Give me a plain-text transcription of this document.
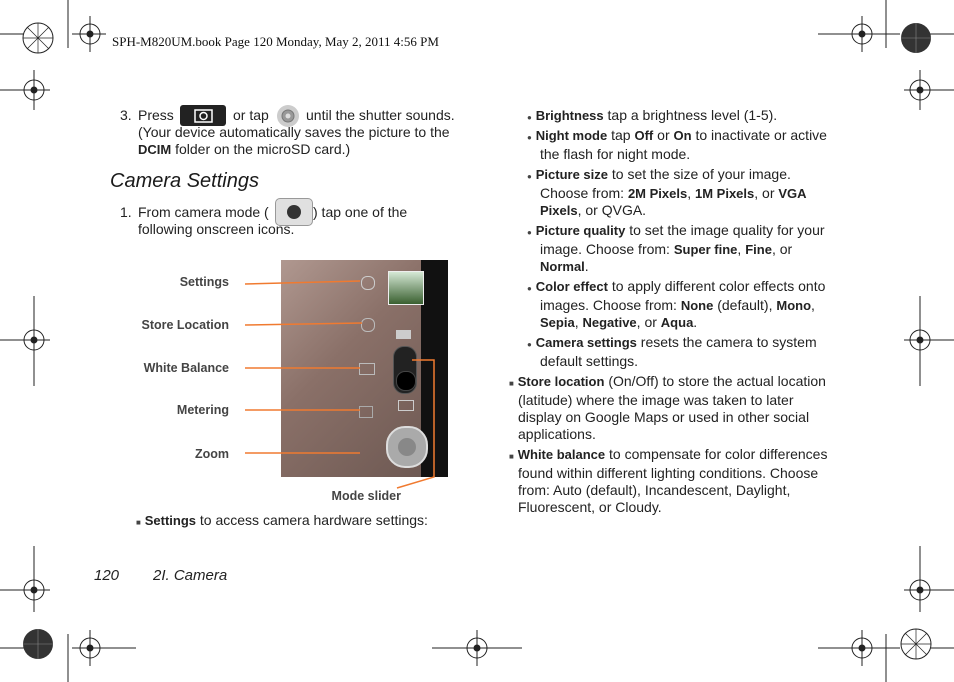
SPH-M820UM.book Page 120 Monday, May 2, 2011 4:56 PM
3. Press	or tap	until the shutter sounds.
(Your device automatically saves the picture to the
DCIM folder on the microSD card.)
Camera Settings
1. From camera mode (	) tap one of the
following onscreen icons.
Settings
Store Location
White Balance
Metering
Zoom
Mode slider
■ Settings to access camera hardware settings:
● Brightness tap a brightness level (1-5).
● Night mode tap Off or On to inactivate or active
the flash for night mode.
● Picture size to set the size of your image.
Choose from: 2M Pixels, 1M Pixels, or VGA
Pixels, or QVGA.
● Picture quality to set the image quality for your
image. Choose from: Super fine, Fine, or
Normal.
● Color effect to apply different color effects onto
images. Choose from: None (default), Mono,
Sepia, Negative, or Aqua.
● Camera settings resets the camera to system
default settings.
■ Store location (On/Off) to store the actual location
(latitude) where the image was taken to later
display on Google Maps or used in other social
applications.
■ White balance to compensate for color differences
found within different lighting conditions. Choose
from: Auto (default), Incandescent, Daylight,
Fluorescent, or Cloudy.
120 2I. Camera
